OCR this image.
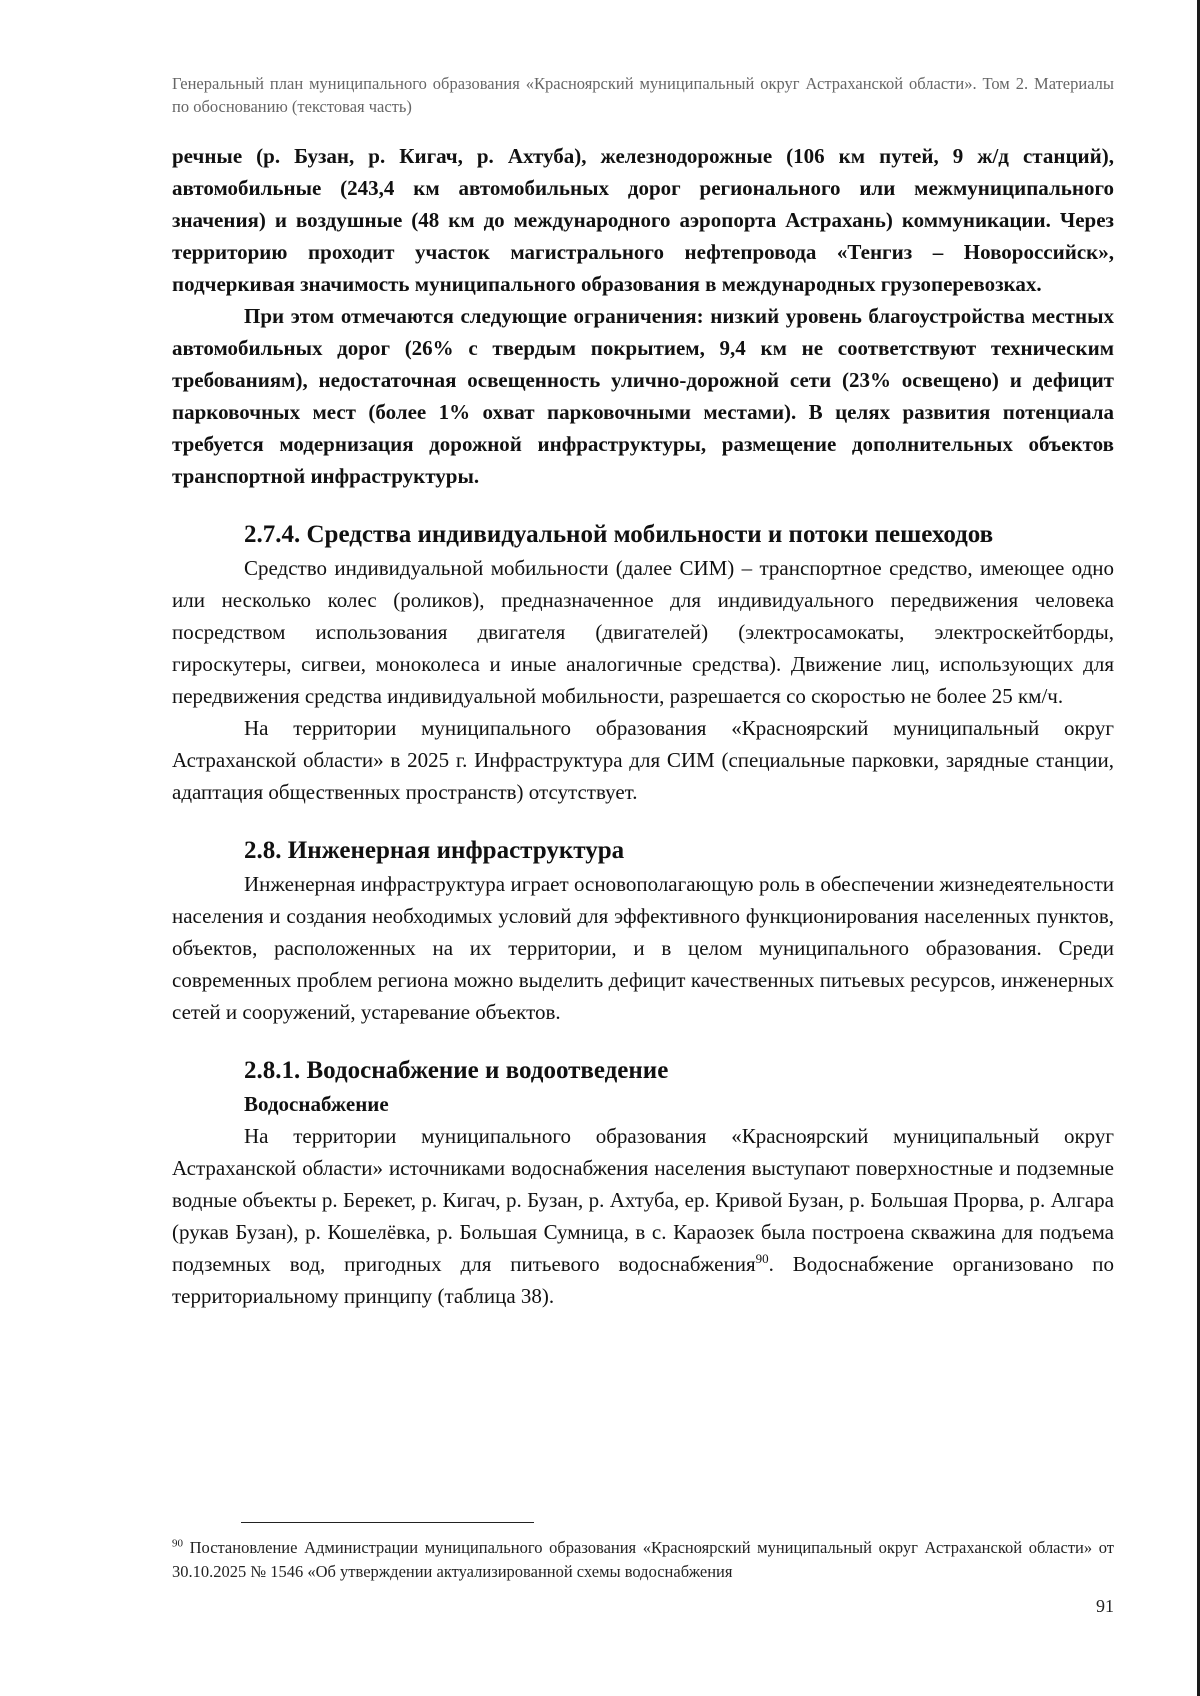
Генеральный план муниципального образования «Красноярский муниципальный округ Астраханской области». Том 2. Материалы по обоснованию (текстовая часть)

речные (р. Бузан, р. Кигач, р. Ахтуба), железнодорожные (106 км путей, 9 ж/д станций), автомобильные (243,4 км автомобильных дорог регионального или межмуниципального значения) и воздушные (48 км до международного аэропорта Астрахань) коммуникации. Через территорию проходит участок магистрального нефтепровода «Тенгиз – Новороссийск», подчеркивая значимость муниципального образования в международных грузоперевозках.

При этом отмечаются следующие ограничения: низкий уровень благоустройства местных автомобильных дорог (26% с твердым покрытием, 9,4 км не соответствуют техническим требованиям), недостаточная освещенность улично-дорожной сети (23% освещено) и дефицит парковочных мест (более 1% охват парковочными местами). В целях развития потенциала требуется модернизация дорожной инфраструктуры, размещение дополнительных объектов транспортной инфраструктуры.

2.7.4. Средства индивидуальной мобильности и потоки пешеходов

Средство индивидуальной мобильности (далее СИМ) – транспортное средство, имеющее одно или несколько колес (роликов), предназначенное для индивидуального передвижения человека посредством использования двигателя (двигателей) (электросамокаты, электроскейтборды, гироскутеры, сигвеи, моноколеса и иные аналогичные средства). Движение лиц, использующих для передвижения средства индивидуальной мобильности, разрешается со скоростью не более 25 км/ч.

На территории муниципального образования «Красноярский муниципальный округ Астраханской области» в 2025 г. Инфраструктура для СИМ (специальные парковки, зарядные станции, адаптация общественных пространств) отсутствует.

2.8. Инженерная инфраструктура

Инженерная инфраструктура играет основополагающую роль в обеспечении жизнедеятельности населения и создания необходимых условий для эффективного функционирования населенных пунктов, объектов, расположенных на их территории, и в целом муниципального образования. Среди современных проблем региона можно выделить дефицит качественных питьевых ресурсов, инженерных сетей и сооружений, устаревание объектов.

2.8.1. Водоснабжение и водоотведение
Водоснабжение

На территории муниципального образования «Красноярский муниципальный округ Астраханской области» источниками водоснабжения населения выступают поверхностные и подземные водные объекты р. Берекет, р. Кигач, р. Бузан, р. Ахтуба, ер. Кривой Бузан, р. Большая Прорва, р. Алгара (рукав Бузан), р. Кошелёвка, р. Большая Сумница, в с. Караозек была построена скважина для подъема подземных вод, пригодных для питьевого водоснабжения$^{90}$. Водоснабжение организовано по территориальному принципу (таблица 38).

$^{90}$ Постановление Администрации муниципального образования «Красноярский муниципальный округ Астраханской области» от 30.10.2025 № 1546 «Об утверждении актуализированной схемы водоснабжения
91
